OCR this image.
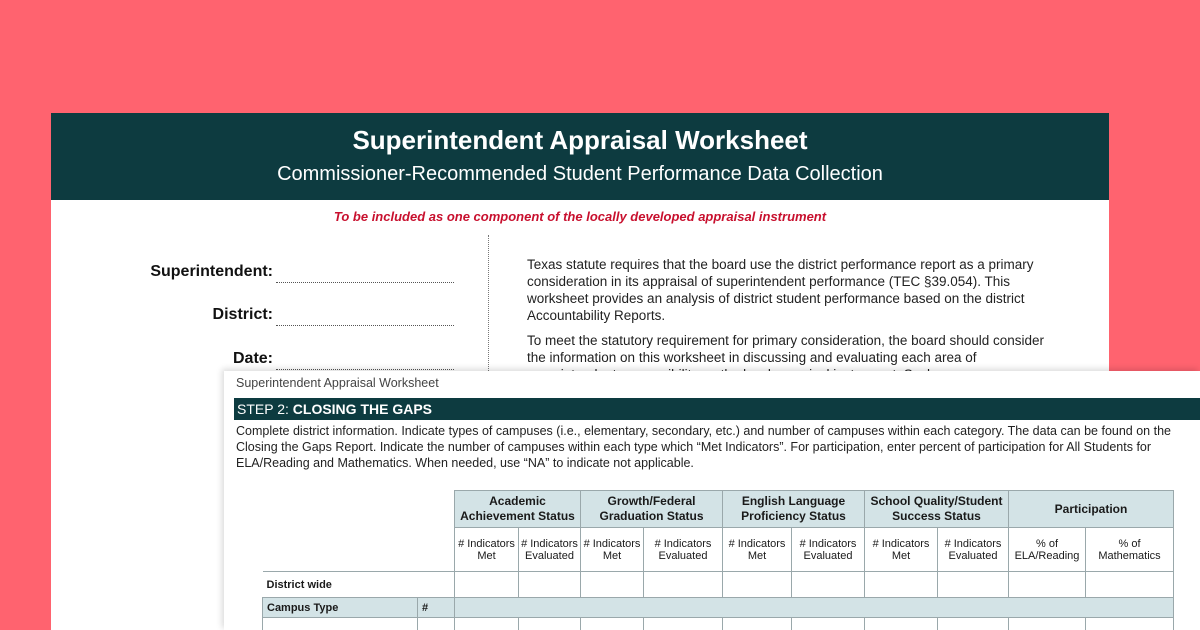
Superintendent Appraisal Worksheet
Commissioner-Recommended Student Performance Data Collection
To be included as one component of the locally developed appraisal instrument
Superintendent:
District:
Date:

Texas statute requires that the board use the district performance report as a primary consideration in its appraisal of superintendent performance (TEC §39.054). This worksheet provides an analysis of district student performance based on the district Accountability Reports.

To meet the statutory requirement for primary consideration, the board should consider the information on this worksheet in discussing and evaluating each area of

Superintendent Appraisal Worksheet
STEP 2: CLOSING THE GAPS
Complete district information. Indicate types of campuses (i.e., elementary, secondary, etc.) and number of campuses within each category. The data can be found on the Closing the Gaps Report. Indicate the number of campuses within each type which “Met Indicators”. For participation, enter percent of participation for All Students for ELA/Reading and Mathematics. When needed, use “NA” to indicate not applicable.
		Academic Achievement Status		Growth/Federal Graduation Status		English Language Proficiency Status		School Quality/Student Success Status		Participation	
		# Indicators Met	# Indicators Evaluated	# Indicators Met	# Indicators Evaluated	# Indicators Met	# Indicators Evaluated	# Indicators Met	# Indicators Evaluated	% of ELA/Reading	% of Mathematics
District wide											
Campus Type	#										
